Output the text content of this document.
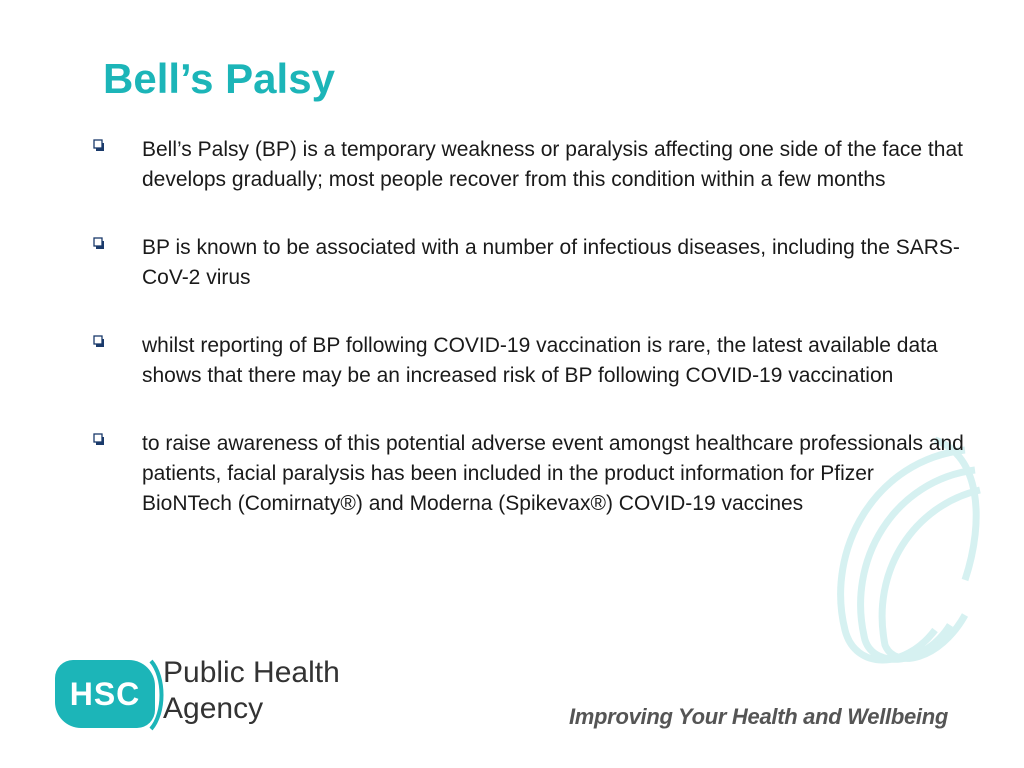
Bell’s Palsy
Bell’s Palsy (BP) is a temporary weakness or paralysis affecting one side of the face that develops gradually; most people recover from this condition within a few months
BP is known to be associated with a number of infectious diseases, including the SARS-CoV-2 virus
whilst reporting of BP following COVID-19 vaccination is rare, the latest available data shows that there may be an increased risk of BP following COVID-19 vaccination
to raise awareness of this potential adverse event amongst healthcare professionals and patients, facial paralysis has been included in the product information for Pfizer BioNTech (Comirnaty®) and Moderna (Spikevax®) COVID-19 vaccines
HSC
Public Health
Agency	Improving Your Health and Wellbeing
